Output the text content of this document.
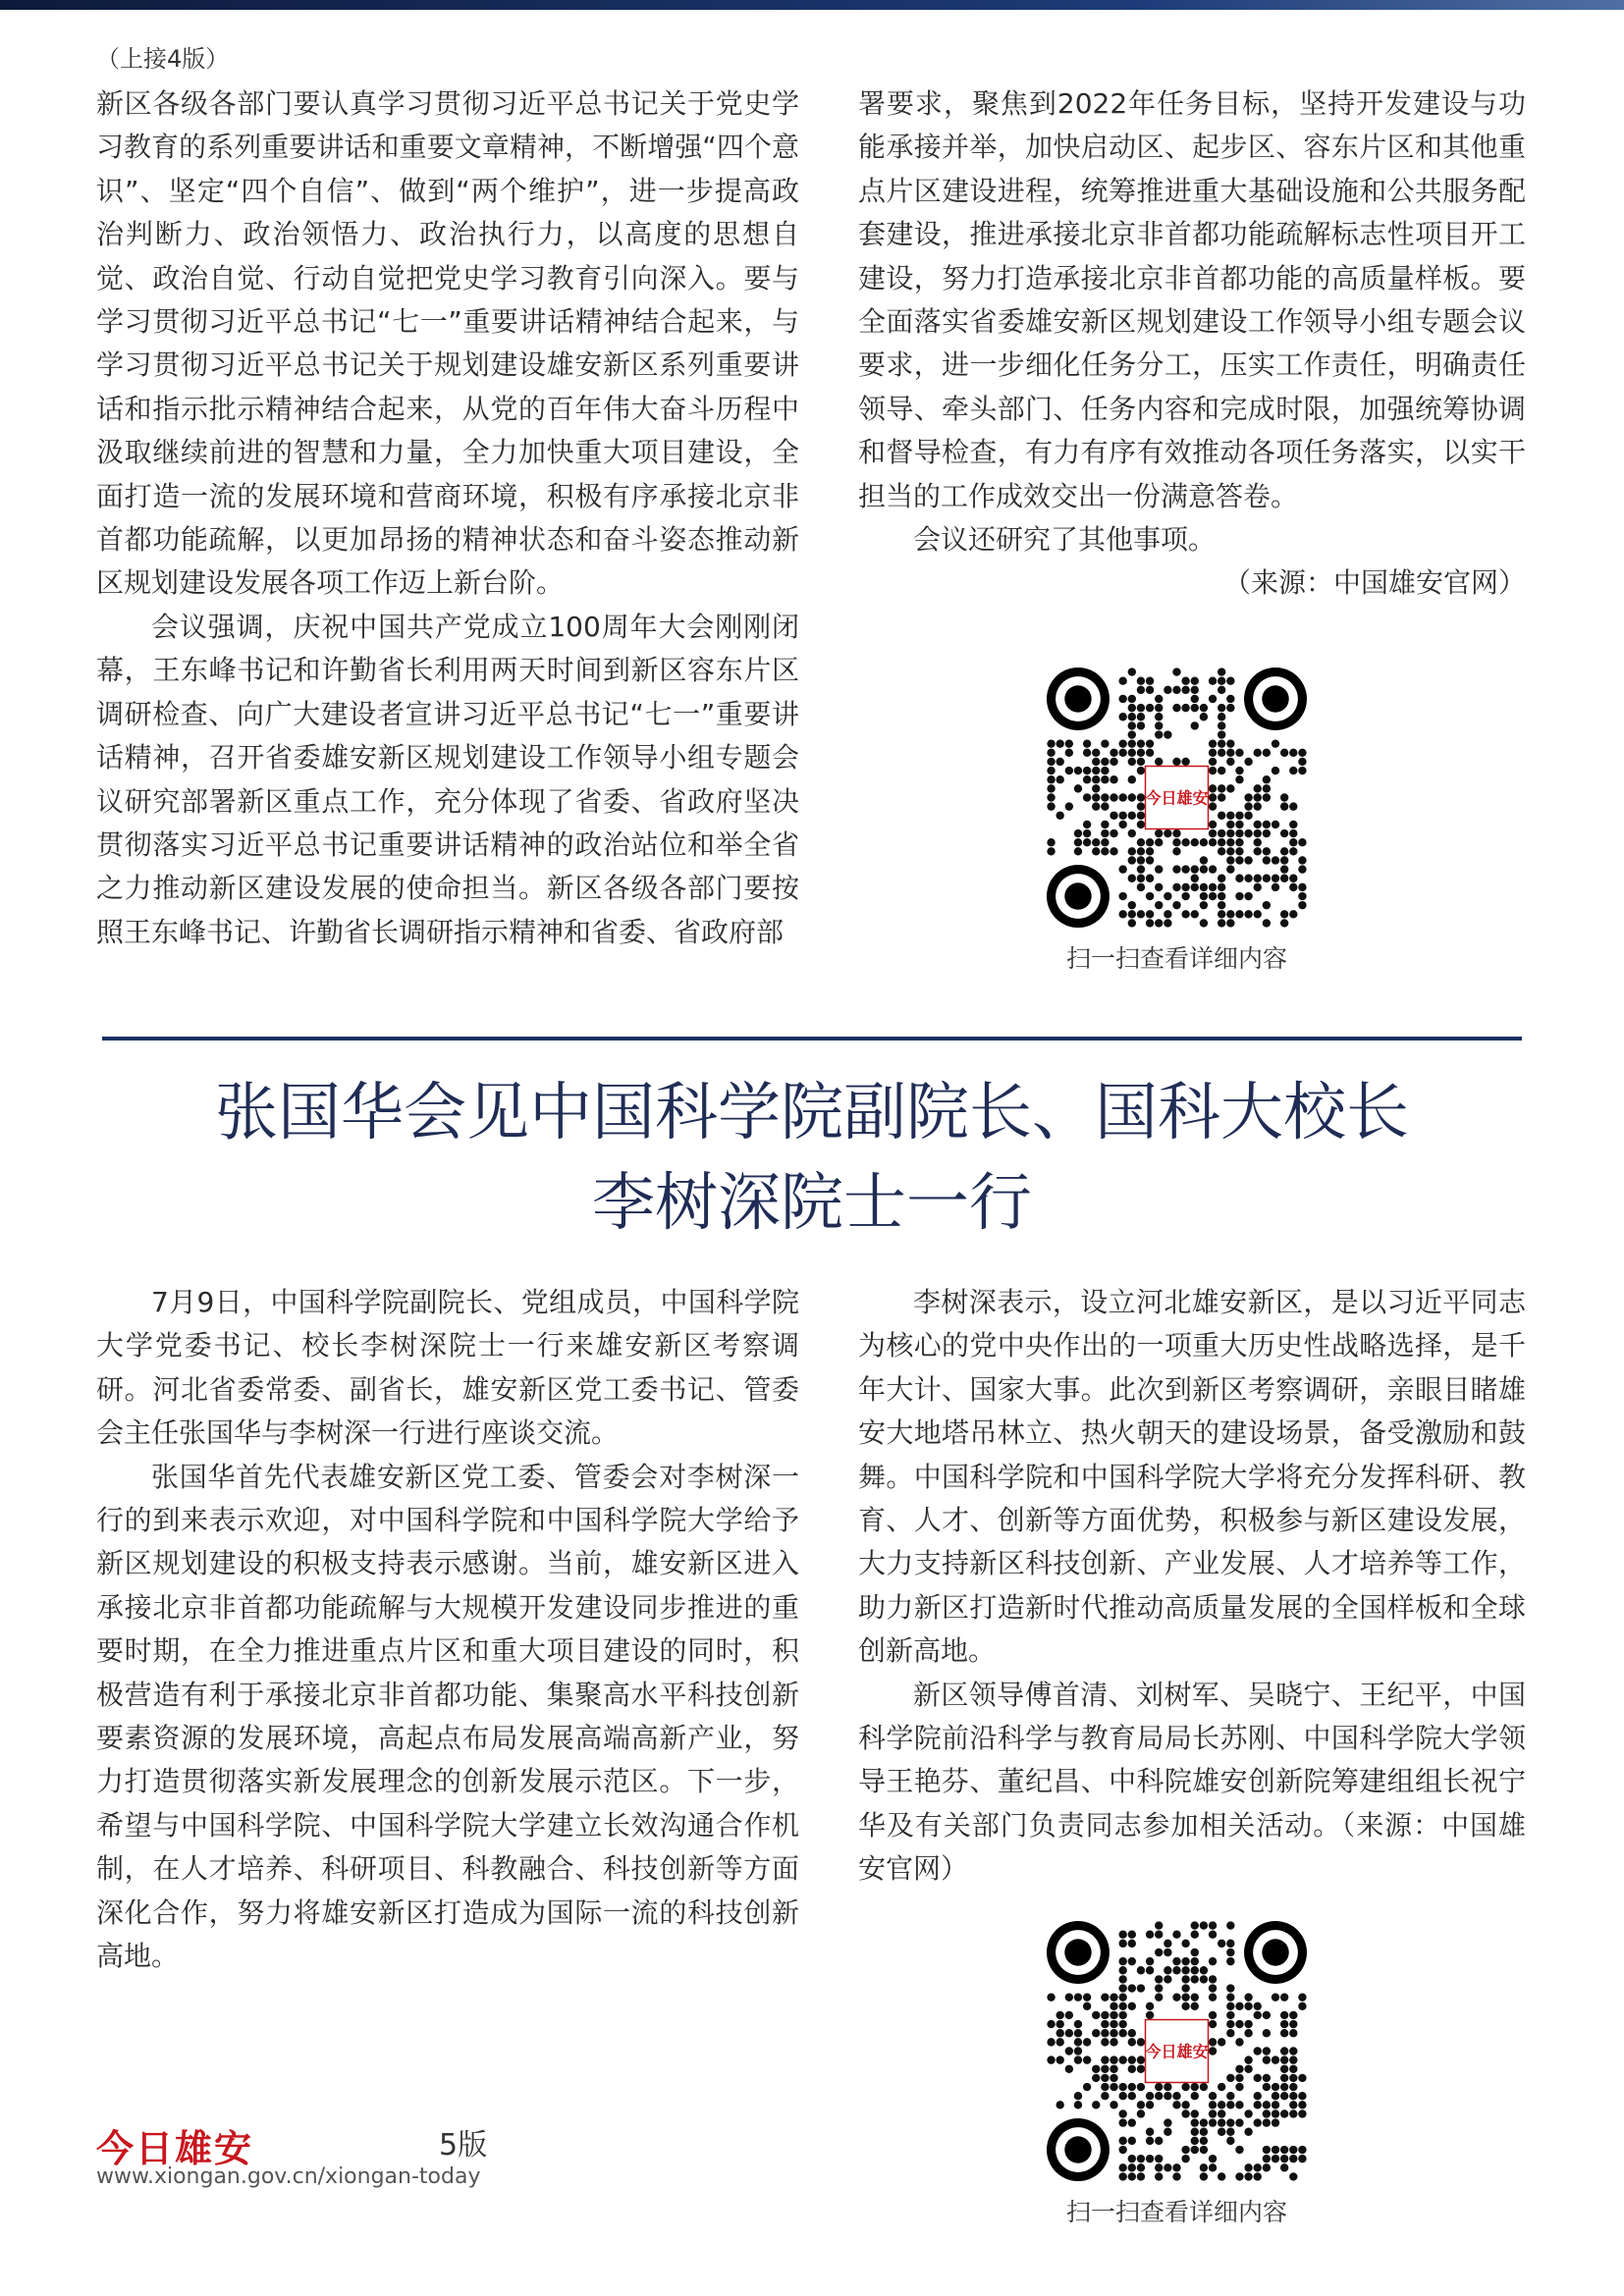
（上接4版）

新区各级各部门要认真学习贯彻习近平总书记关于党史学习教育的系列重要讲话和重要文章精神，不断增强“四个意识”、坚定“四个自信”、做到“两个维护”，进一步提高政治判断力、政治领悟力、政治执行力，以高度的思想自觉、政治自觉、行动自觉把党史学习教育引向深入。要与学习贯彻习近平总书记“七一”重要讲话精神结合起来，与学习贯彻习近平总书记关于规划建设雄安新区系列重要讲话和指示批示精神结合起来，从党的百年伟大奋斗历程中汲取继续前进的智慧和力量，全力加快重大项目建设，全面打造一流的发展环境和营商环境，积极有序承接北京非首都功能疏解，以更加昂扬的精神状态和奋斗姿态推动新区规划建设发展各项工作迈上新台阶。

会议强调，庆祝中国共产党成立100周年大会刚刚闭幕，王东峰书记和许勤省长利用两天时间到新区容东片区调研检查、向广大建设者宣讲习近平总书记“七一”重要讲话精神，召开省委雄安新区规划建设工作领导小组专题会议研究部署新区重点工作，充分体现了省委、省政府坚决贯彻落实习近平总书记重要讲话精神的政治站位和举全省之力推动新区建设发展的使命担当。新区各级各部门要按照王东峰书记、许勤省长调研指示精神和省委、省政府部

署要求，聚焦到2022年任务目标，坚持开发建设与功能承接并举，加快启动区、起步区、容东片区和其他重点片区建设进程，统筹推进重大基础设施和公共服务配套建设，推进承接北京非首都功能疏解标志性项目开工建设，努力打造承接北京非首都功能的高质量样板。要全面落实省委雄安新区规划建设工作领导小组专题会议要求，进一步细化任务分工，压实工作责任，明确责任领导、牵头部门、任务内容和完成时限，加强统筹协调和督导检查，有力有序有效推动各项任务落实，以实干担当的工作成效交出一份满意答卷。

会议还研究了其他事项。
（来源：中国雄安官网）

今日雄安
扫一扫查看详细内容
张国华会见中国科学院副院长、国科大校长
李树深院士一行

7月9日，中国科学院副院长、党组成员，中国科学院大学党委书记、校长李树深院士一行来雄安新区考察调研。河北省委常委、副省长，雄安新区党工委书记、管委会主任张国华与李树深一行进行座谈交流。

张国华首先代表雄安新区党工委、管委会对李树深一行的到来表示欢迎，对中国科学院和中国科学院大学给予新区规划建设的积极支持表示感谢。当前，雄安新区进入承接北京非首都功能疏解与大规模开发建设同步推进的重要时期，在全力推进重点片区和重大项目建设的同时，积极营造有利于承接北京非首都功能、集聚高水平科技创新要素资源的发展环境，高起点布局发展高端高新产业，努力打造贯彻落实新发展理念的创新发展示范区。下一步，希望与中国科学院、中国科学院大学建立长效沟通合作机制，在人才培养、科研项目、科教融合、科技创新等方面深化合作，努力将雄安新区打造成为国际一流的科技创新高地。

李树深表示，设立河北雄安新区，是以习近平同志为核心的党中央作出的一项重大历史性战略选择，是千年大计、国家大事。此次到新区考察调研，亲眼目睹雄安大地塔吊林立、热火朝天的建设场景，备受激励和鼓舞。中国科学院和中国科学院大学将充分发挥科研、教育、人才、创新等方面优势，积极参与新区建设发展，大力支持新区科技创新、产业发展、人才培养等工作，助力新区打造新时代推动高质量发展的全国样板和全球创新高地。

新区领导傅首清、刘树军、吴晓宁、王纪平，中国科学院前沿科学与教育局局长苏刚、中国科学院大学领导王艳芬、董纪昌、中科院雄安创新院筹建组组长祝宁华及有关部门负责同志参加相关活动。（来源：中国雄安官网）

今日雄安
扫一扫查看详细内容
今日雄安	5版
www.xiongan.gov.cn/xiongan-today
